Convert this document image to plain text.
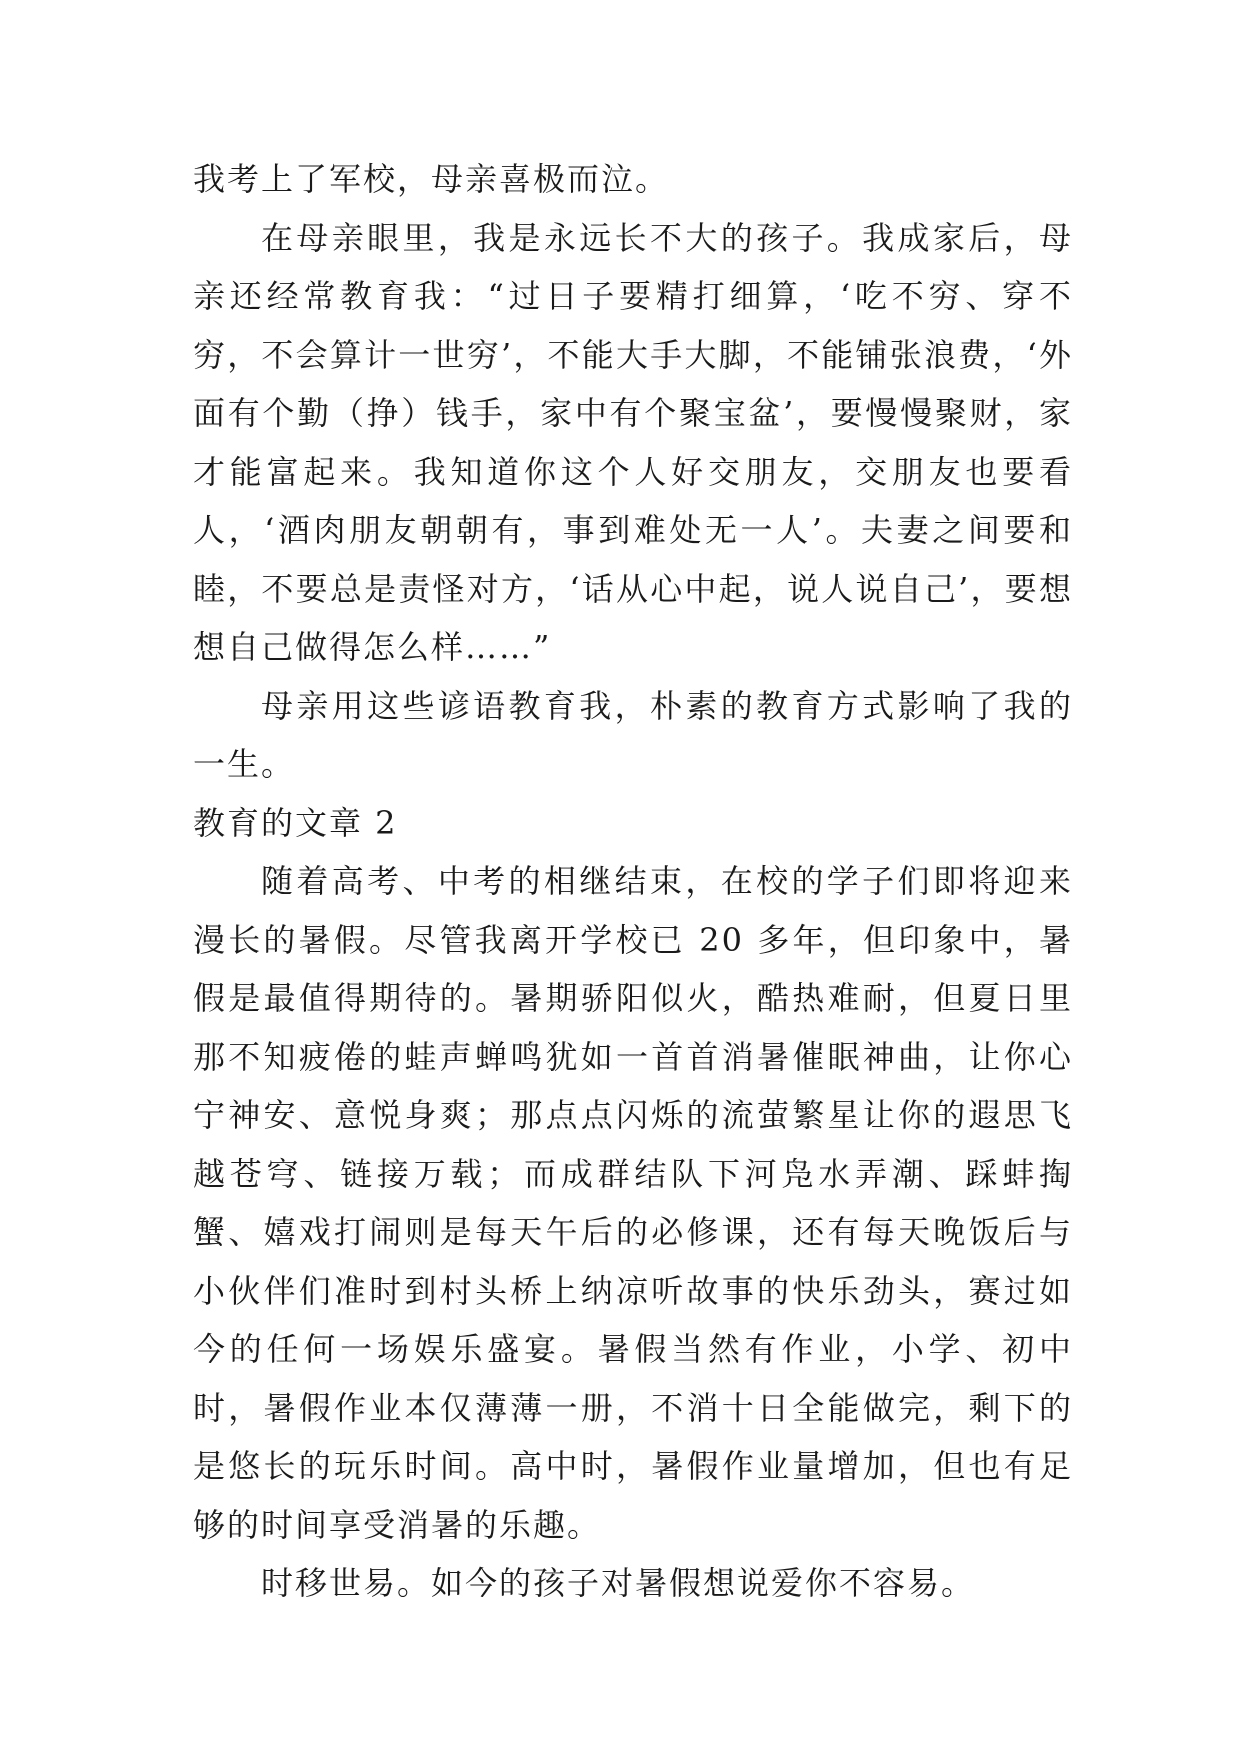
我考上了军校，母亲喜极而泣。

在母亲眼里，我是永远长不大的孩子。我成家后，母亲还经常教育我：“过日子要精打细算，‘吃不穷、穿不穷，不会算计一世穷’，不能大手大脚，不能铺张浪费，‘外面有个勤（挣）钱手，家中有个聚宝盆’，要慢慢聚财，家才能富起来。我知道你这个人好交朋友，交朋友也要看人，‘酒肉朋友朝朝有，事到难处无一人’。夫妻之间要和睦，不要总是责怪对方，‘话从心中起，说人说自己’，要想想自己做得怎么样……”

母亲用这些谚语教育我，朴素的教育方式影响了我的一生。

教育的文章 2

随着高考、中考的相继结束，在校的学子们即将迎来漫长的暑假。尽管我离开学校已 20 多年，但印象中，暑假是最值得期待的。暑期骄阳似火，酷热难耐，但夏日里那不知疲倦的蛙声蝉鸣犹如一首首消暑催眠神曲，让你心宁神安、意悦身爽；那点点闪烁的流萤繁星让你的遐思飞越苍穹、链接万载；而成群结队下河凫水弄潮、踩蚌掏蟹、嬉戏打闹则是每天午后的必修课，还有每天晚饭后与小伙伴们准时到村头桥上纳凉听故事的快乐劲头，赛过如今的任何一场娱乐盛宴。暑假当然有作业，小学、初中时，暑假作业本仅薄薄一册，不消十日全能做完，剩下的是悠长的玩乐时间。高中时，暑假作业量增加，但也有足够的时间享受消暑的乐趣。

时移世易。如今的孩子对暑假想说爱你不容易。
